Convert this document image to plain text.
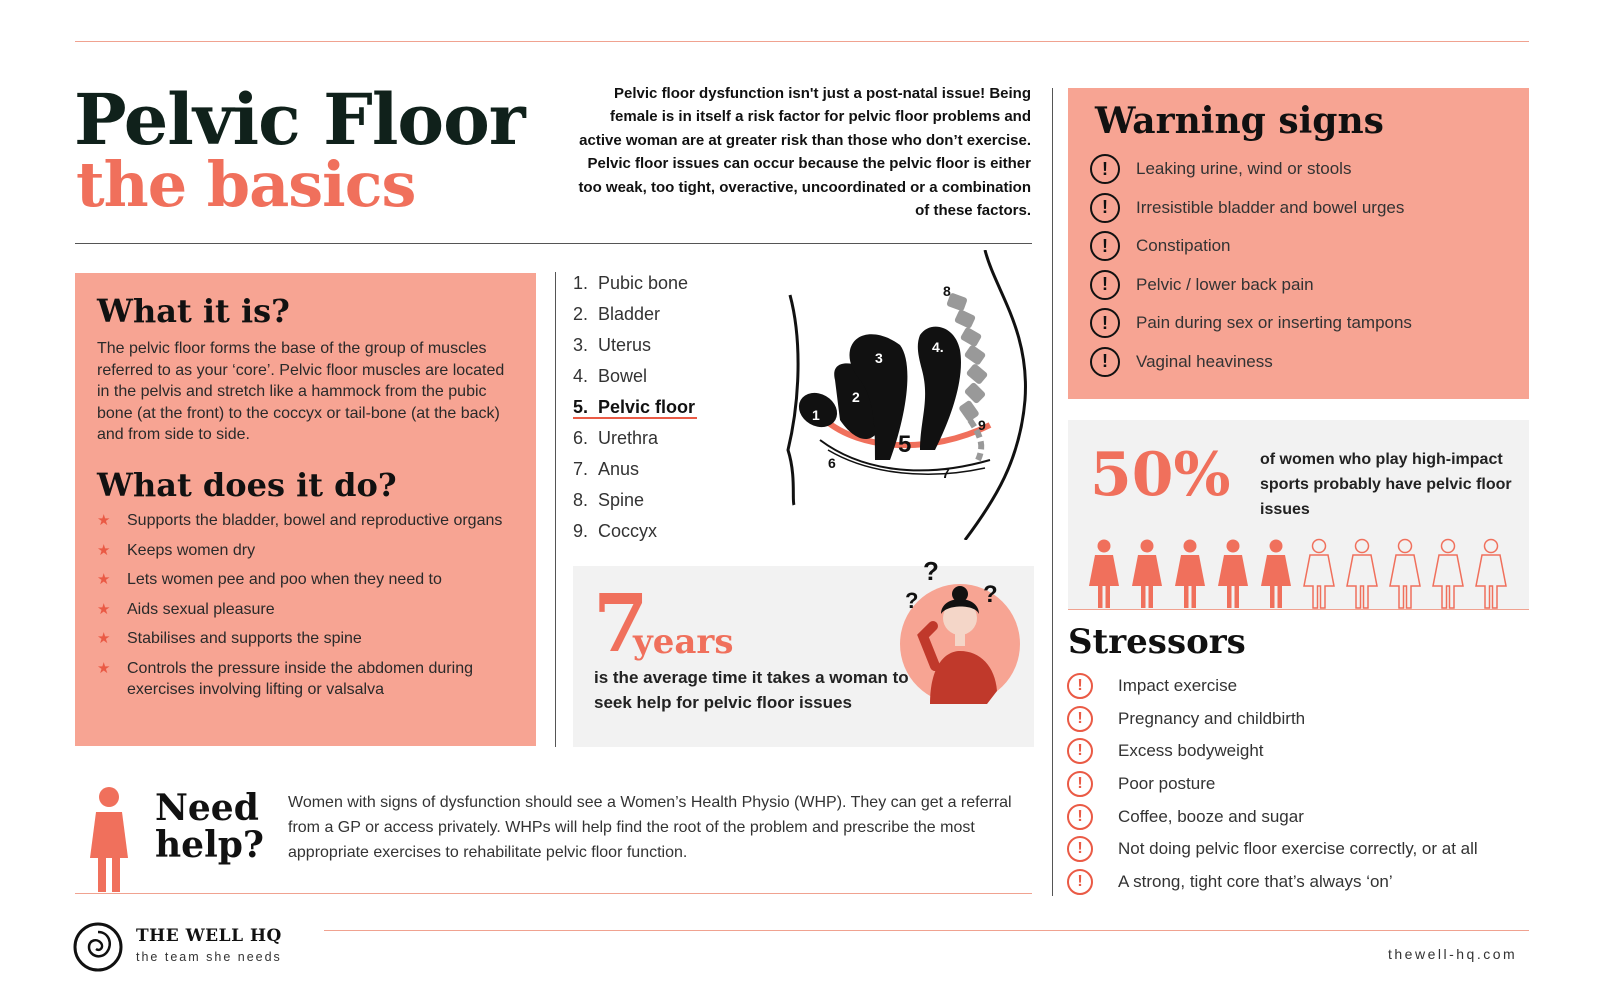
Pelvic Floor
the basics

Pelvic floor dysfunction isn't just a post-natal issue! Being female is in itself a risk factor for pelvic floor problems and active woman are at greater risk than those who don’t exercise. Pelvic floor issues can occur because the pelvic floor is either too weak, too tight, overactive, uncoordinated or a combination of these factors.

What it is?

The pelvic floor forms the base of the group of muscles referred to as your ‘core’. Pelvic floor muscles are located in the pelvis and stretch like a hammock from the pubic bone (at the front) to the coccyx or tail-bone (at the back) and from side to side.

What does it do?
★ Supports the bladder, bowel and reproductive organs
★ Keeps women dry
★ Lets women pee and poo when they need to
★ Aids sexual pleasure
★ Stabilises and supports the spine
★ Controls the pressure inside the abdomen during exercises involving lifting or valsalva
1. Pubic bone
2. Bladder
3. Uterus
4. Bowel
5. Pelvic floor
6. Urethra
7. Anus
8. Spine
9. Coccyx
1
2
3
4.
5
6
7
8
9
7
years

is the average time it takes a woman to seek help for pelvic floor issues

?
?	?
Need
help?

Women with signs of dysfunction should see a Women’s Health Physio (WHP). They can get a referral from a GP or access privately. WHPs will help find the root of the problem and prescribe the most appropriate exercises to rehabilitate pelvic floor function.

Warning signs
!	Leaking urine, wind or stools
!	Irresistible bladder and bowel urges
!	Constipation
!	Pelvic / lower back pain
!	Pain during sex or inserting tampons
!	Vaginal heaviness
50% of women who play high-impact sports probably have pelvic floor issues

Stressors
!	Impact exercise
!	Pregnancy and childbirth
!	Excess bodyweight
!	Poor posture
!	Coffee, booze and sugar
!	Not doing pelvic floor exercise correctly, or at all
!	A strong, tight core that’s always ‘on’
THE WELL HQ
the team she needs	thewell-hq.com
